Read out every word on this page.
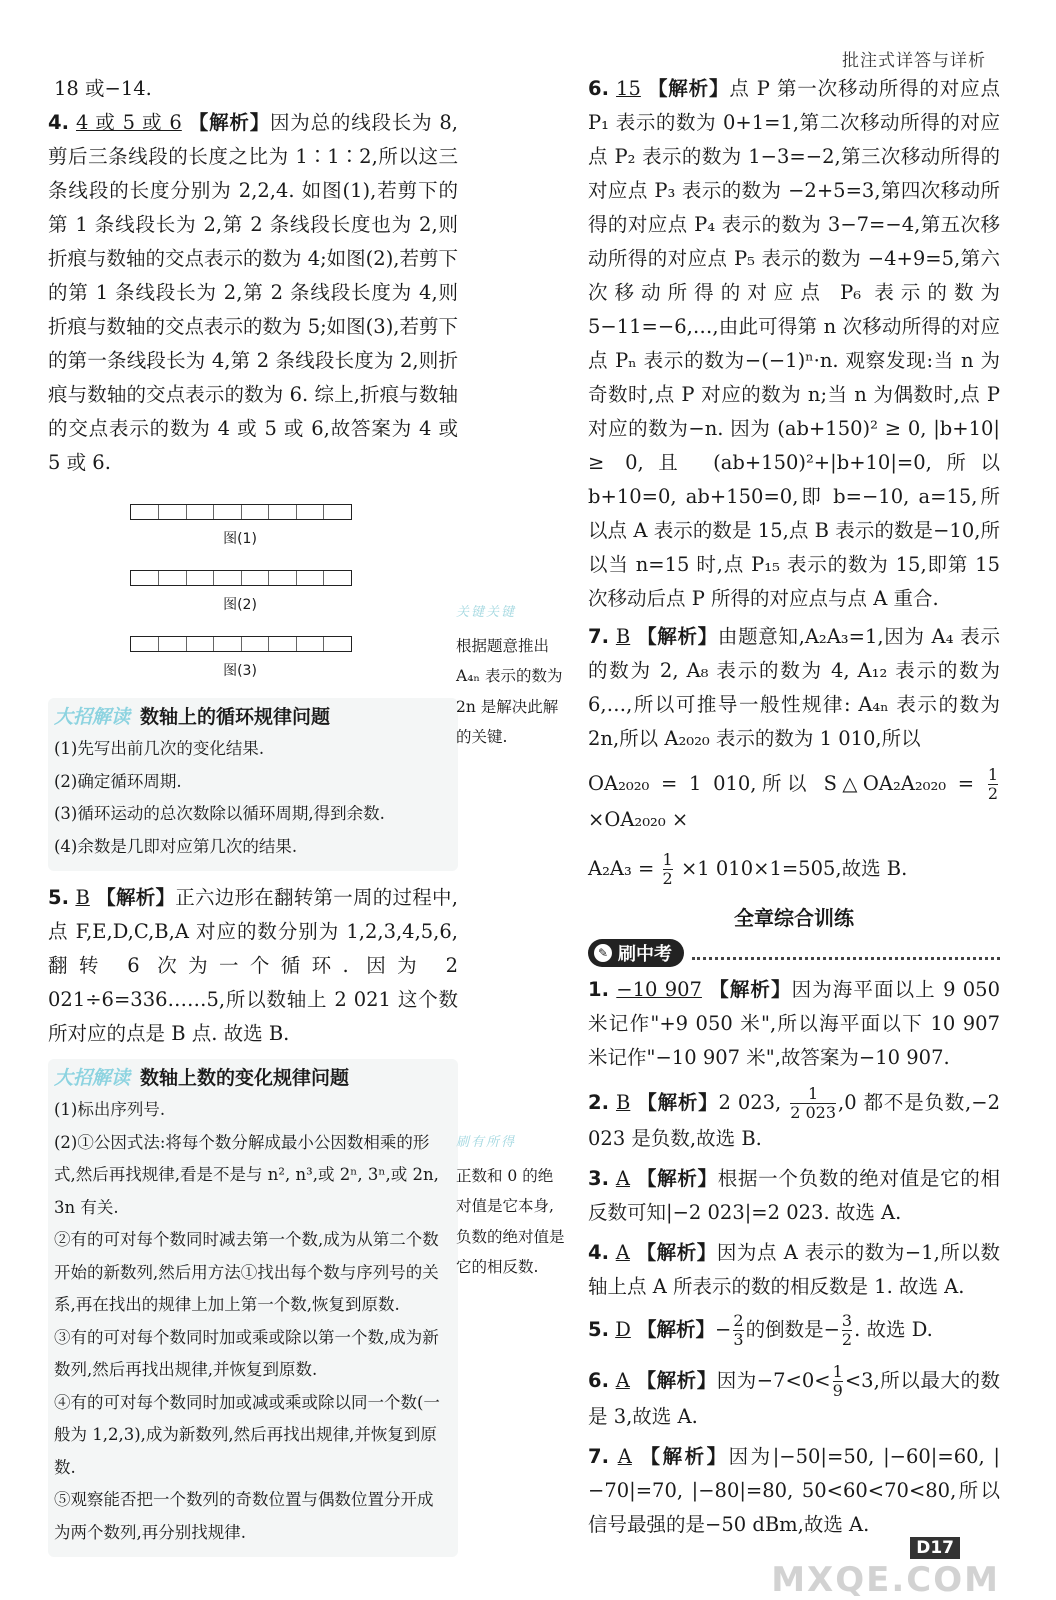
批注式详答与详析

18 或−14.

4. 4 或 5 或 6 【解析】因为总的线段长为 8,剪后三条线段的长度之比为 1∶1∶2,所以这三条线段的长度分别为 2,2,4. 如图(1),若剪下的第 1 条线段长为 2,第 2 条线段长度也为 2,则折痕与数轴的交点表示的数为 4;如图(2),若剪下的第 1 条线段长为 2,第 2 条线段长度为 4,则折痕与数轴的交点表示的数为 5;如图(3),若剪下的第一条线段长为 4,第 2 条线段长度为 2,则折痕与数轴的交点表示的数为 6. 综上,折痕与数轴的交点表示的数为 4 或 5 或 6,故答案为 4 或 5 或 6.

图(1)
图(2)
图(3)
大招解读 数轴上的循环规律问题

(1)先写出前几次的变化结果.

(2)确定循环周期.

(3)循环运动的总次数除以循环周期,得到余数.

(4)余数是几即对应第几次的结果.

5. B 【解析】正六边形在翻转第一周的过程中,点 F,E,D,C,B,A 对应的数分别为 1,2,3,4,5,6,翻转 6 次为一个循环. 因为 2 021÷6=336……5,所以数轴上 2 021 这个数所对应的点是 B 点. 故选 B.

大招解读 数轴上数的变化规律问题

(1)标出序列号.

(2)①公因式法:将每个数分解成最小公因数相乘的形式,然后再找规律,看是不是与 n², n³,或 2ⁿ, 3ⁿ,或 2n, 3n 有关.

②有的可对每个数同时减去第一个数,成为从第二个数开始的新数列,然后用方法①找出每个数与序列号的关系,再在找出的规律上加上第一个数,恢复到原数.

③有的可对每个数同时加或乘或除以第一个数,成为新数列,然后再找出规律,并恢复到原数.

④有的可对每个数同时加或减或乘或除以同一个数(一般为 1,2,3),成为新数列,然后再找出规律,并恢复到原数.

⑤观察能否把一个数列的奇数位置与偶数位置分开成为两个数列,再分别找规律.

关键关键
根据题意推出 A₄ₙ 表示的数为 2n 是解决此解的关键.
刷有所得
正数和 0 的绝对值是它本身,负数的绝对值是它的相反数.

6. 15 【解析】点 P 第一次移动所得的对应点 P₁ 表示的数为 0+1=1,第二次移动所得的对应点 P₂ 表示的数为 1−3=−2,第三次移动所得的对应点 P₃ 表示的数为 −2+5=3,第四次移动所得的对应点 P₄ 表示的数为 3−7=−4,第五次移动所得的对应点 P₅ 表示的数为 −4+9=5,第六次移动所得的对应点 P₆ 表示的数为 5−11=−6,…,由此可得第 n 次移动所得的对应点 Pₙ 表示的数为−(−1)ⁿ·n. 观察发现:当 n 为奇数时,点 P 对应的数为 n;当 n 为偶数时,点 P 对应的数为−n. 因为 (ab+150)² ≥ 0, |b+10| ≥ 0,且 (ab+150)²+|b+10|=0,所以 b+10=0, ab+150=0,即 b=−10, a=15,所以点 A 表示的数是 15,点 B 表示的数是−10,所以当 n=15 时,点 P₁₅ 表示的数为 15,即第 15 次移动后点 P 所得的对应点与点 A 重合.

7. B 【解析】由题意知,A₂A₃=1,因为 A₄ 表示的数为 2, A₈ 表示的数为 4, A₁₂ 表示的数为 6,…,所以可推导一般性规律: A₄ₙ 表示的数为 2n,所以 A₂₀₂₀ 表示的数为 1 010,所以

OA₂₀₂₀ = 1 010,所以 S△OA₂A₂₀₂₀ = $\frac{1}{2}$
×OA₂₀₂₀ ×

$A_2A_3 = \frac{1}{2} \times 1$ 010×1=505,故选 B.

全章综合训练
✎ 刷中考

1. −10 907 【解析】因为海平面以上 9 050 米记作"+9 050 米",所以海平面以下 10 907 米记作"−10 907 米",故答案为−10 907.

2. B 【解析】2 023, $\frac{1}{2 023} ,0$ 都不是负数,−2 023 是负数,故选 B.

3. A 【解析】根据一个负数的绝对值是它的相反数可知|−2 023|=2 023. 故选 A.

4. A 【解析】因为点 A 表示的数为−1,所以数轴上点 A 所表示的数的相反数是 1. 故选 A.

5. D 【解析】− $\frac{2}{3}$ 的倒数是− $\frac{3}{2}$ . 故选 D.

6. A 【解析】因为$-7<0< \frac{1}{9} <3$,所以最大的数是 3,故选 A.

7. A 【解析】因为|−50|=50, |−60|=60, |−70|=70, |−80|=80, 50<60<70<80,所以信号最强的是−50 dBm,故选 A.

D17
MXQE.COM
